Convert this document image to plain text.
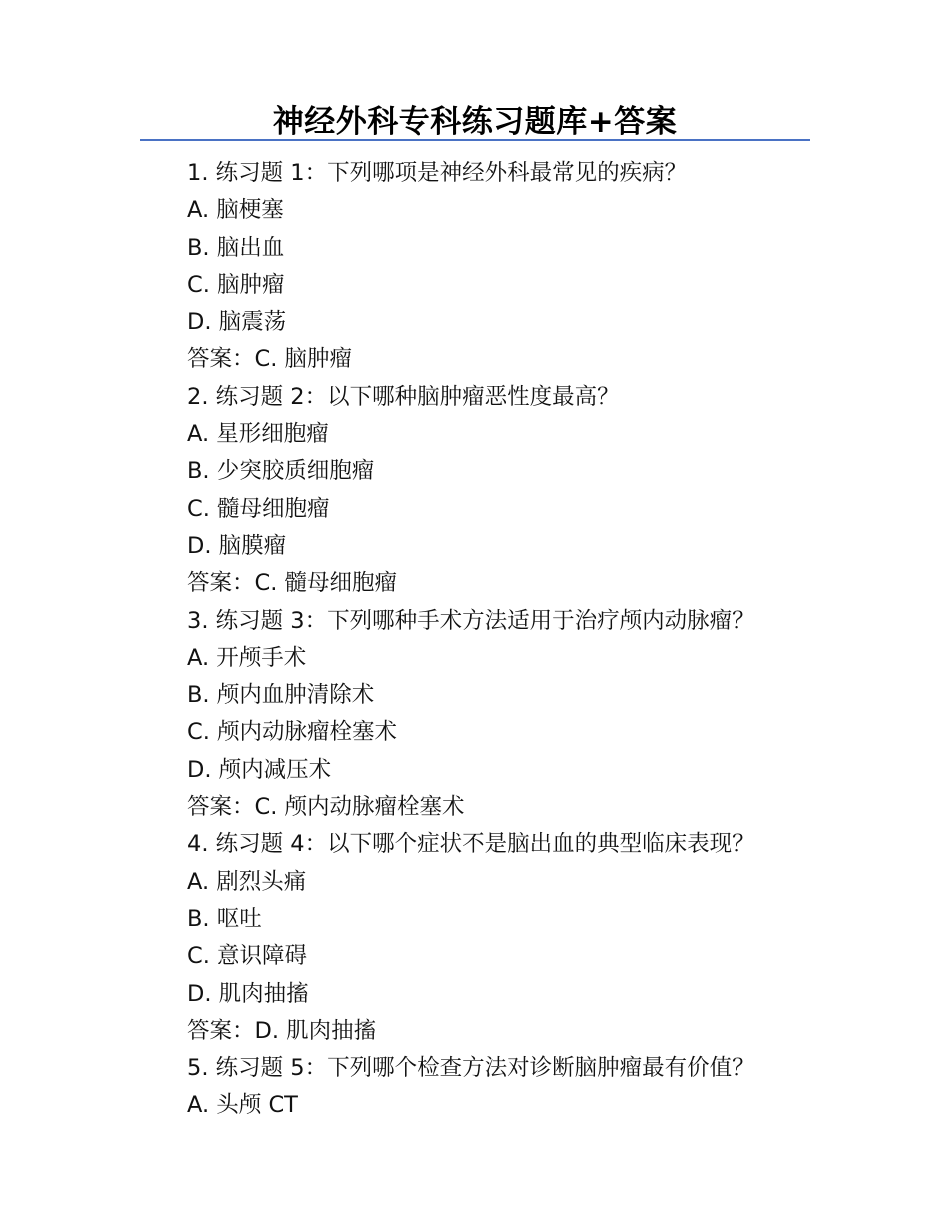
神经外科专科练习题库+答案
1. 练习题 1：下列哪项是神经外科最常见的疾病？
A. 脑梗塞
B. 脑出血
C. 脑肿瘤
D. 脑震荡
答案：C. 脑肿瘤
2. 练习题 2：以下哪种脑肿瘤恶性度最高？
A. 星形细胞瘤
B. 少突胶质细胞瘤
C. 髓母细胞瘤
D. 脑膜瘤
答案：C. 髓母细胞瘤
3. 练习题 3：下列哪种手术方法适用于治疗颅内动脉瘤？
A. 开颅手术
B. 颅内血肿清除术
C. 颅内动脉瘤栓塞术
D. 颅内减压术
答案：C. 颅内动脉瘤栓塞术
4. 练习题 4：以下哪个症状不是脑出血的典型临床表现？
A. 剧烈头痛
B. 呕吐
C. 意识障碍
D. 肌肉抽搐
答案：D. 肌肉抽搐
5. 练习题 5：下列哪个检查方法对诊断脑肿瘤最有价值？
A. 头颅 CT
